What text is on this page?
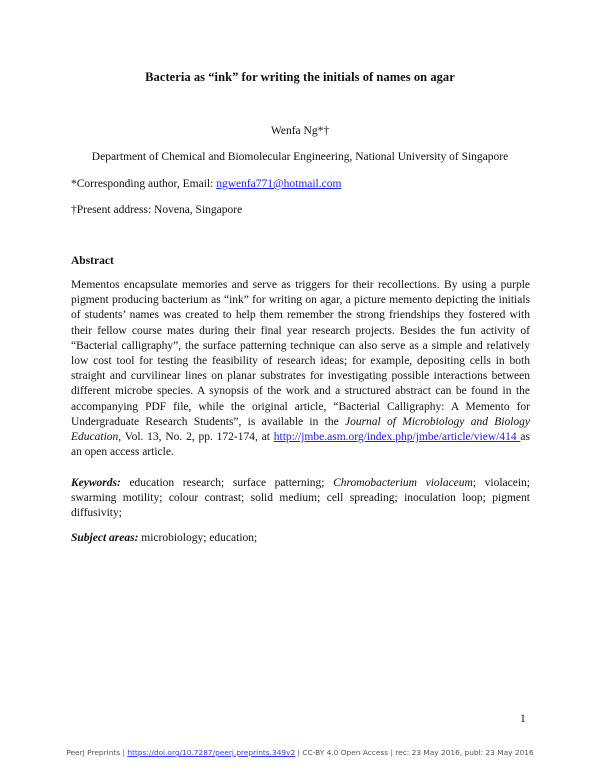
Bacteria as “ink” for writing the initials of names on agar
Wenfa Ng*†
Department of Chemical and Biomolecular Engineering, National University of Singapore
*Corresponding author, Email: ngwenfa771@hotmail.com
†Present address: Novena, Singapore
Abstract

Mementos encapsulate memories and serve as triggers for their recollections. By using a purple pigment producing bacterium as “ink” for writing on agar, a picture memento depicting the initials of students’ names was created to help them remember the strong friendships they fostered with their fellow course mates during their final year research projects. Besides the fun activity of “Bacterial calligraphy”, the surface patterning technique can also serve as a simple and relatively low cost tool for testing the feasibility of research ideas; for example, depositing cells in both straight and curvilinear lines on planar substrates for investigating possible interactions between different microbe species. A synopsis of the work and a structured abstract can be found in the accompanying PDF file, while the original article, “Bacterial Calligraphy: A Memento for Undergraduate Research Students”, is available in the Journal of Microbiology and Biology Education, Vol. 13, No. 2, pp. 172-174, at http://jmbe.asm.org/index.php/jmbe/article/view/414 as an open access article.

Keywords: education research; surface patterning; Chromobacterium violaceum; violacein; swarming motility; colour contrast; solid medium; cell spreading; inoculation loop; pigment diffusivity;

Subject areas: microbiology; education;
1
PeerJ Preprints | https://doi.org/10.7287/peerj.preprints.349v2 | CC-BY 4.0 Open Access | rec: 23 May 2016, publ: 23 May 2016
